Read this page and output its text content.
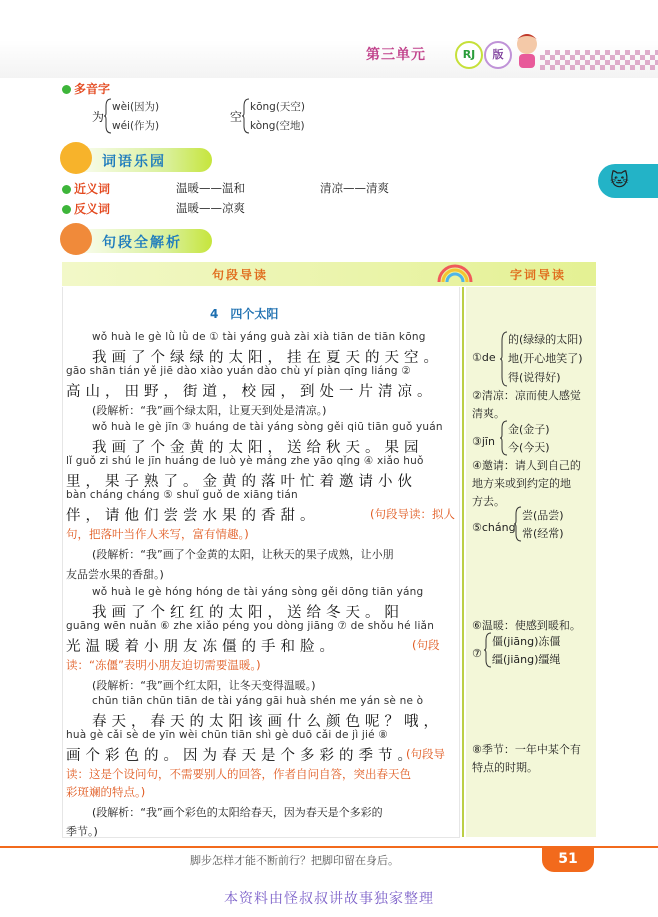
第三单元	RJ	版
🐱
多音字
为
wèi(因为)
wéi(作为)
空
kōng(天空)
kòng(空地)
词语乐园
近义词	温暖——温和	清凉——清爽
反义词	温暖——凉爽
句段全解析
句段导读	字词导读
4　四个太阳
wǒ huà le gè lǜ lǜ de ① tài yáng guà zài xià tiān de tiān kōng
我画了个绿绿的太阳，挂在夏天的天空。
gāo shān tián yě jiē dào xiào yuán dào chù yí piàn qīng liáng ②
高山，田野，街道，校园，到处一片清凉。
(段解析：“我”画个绿太阳，让夏天到处是清凉。)
wǒ huà le gè jīn ③ huáng de tài yáng sòng gěi qiū tiān guǒ yuán
我画了个金黄的太阳，送给秋天。果园
lǐ guǒ zi shú le jīn huáng de luò yè máng zhe yāo qǐng ④ xiǎo huǒ
里，果子熟了。金黄的落叶忙着邀请小伙
bàn cháng cháng ⑤ shuǐ guǒ de xiāng tián
伴，请他们尝尝水果的香甜。	(句段导读：拟人
句，把落叶当作人来写，富有情趣。)
(段解析：“我”画了个金黄的太阳，让秋天的果子成熟，让小朋
友品尝水果的香甜。)
wǒ huà le gè hóng hóng de tài yáng sòng gěi dōng tiān yáng
我画了个红红的太阳，送给冬天。阳
guāng wēn nuǎn ⑥ zhe xiǎo péng you dòng jiāng ⑦ de shǒu hé liǎn
光温暖着小朋友冻僵的手和脸。	(句段
读：“冻僵”表明小朋友迫切需要温暖。)
(段解析：“我”画个红太阳，让冬天变得温暖。)
chūn tiān chūn tiān de tài yáng gāi huà shén me yán sè ne ò
春天，春天的太阳该画什么颜色呢？哦，
huà gè cǎi sè de yīn wèi chūn tiān shì gè duō cǎi de jì jié ⑧
画个彩色的。因为春天是个多彩的季节。
(句段导
读：这是个设问句，不需要别人的回答，作者自问自答，突出春天色
彩斑斓的特点。)
(段解析：“我”画个彩色的太阳给春天，因为春天是个多彩的
季节。)
①de
的(绿绿的太阳)
地(开心地笑了)
得(说得好)
②清凉：凉而使人感觉
清爽。
③jīn
金(金子)
今(今天)
④邀请：请人到自己的
地方来或到约定的地
方去。
⑤cháng
尝(品尝)
常(经常)
⑥温暖：使感到暖和。
⑦
僵(jiāng)冻僵
缰(jiāng)缰绳
⑧季节：一年中某个有
特点的时期。
脚步怎样才能不断前行？把脚印留在身后。	51
本资料由怪叔叔讲故事独家整理
